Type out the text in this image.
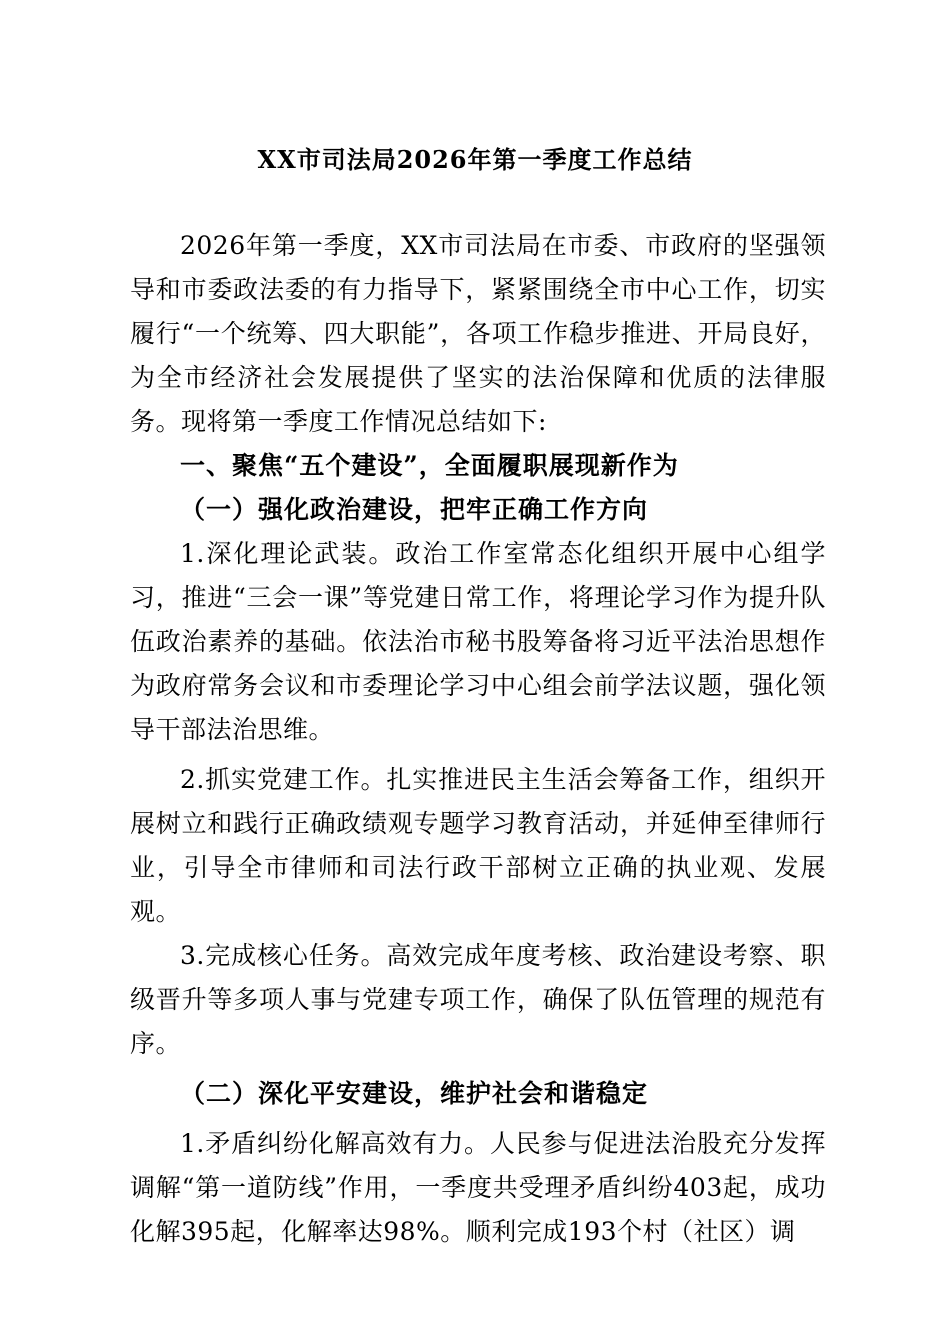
XX市司法局2026年第一季度工作总结

2026年第一季度，XX市司法局在市委、市政府的坚强领导和市委政法委的有力指导下，紧紧围绕全市中心工作，切实履行“一个统筹、四大职能”，各项工作稳步推进、开局良好，为全市经济社会发展提供了坚实的法治保障和优质的法律服务。现将第一季度工作情况总结如下:

一、聚焦“五个建设”，全面履职展现新作为

（一）强化政治建设，把牢正确工作方向

1.深化理论武装。政治工作室常态化组织开展中心组学习，推进“三会一课”等党建日常工作，将理论学习作为提升队伍政治素养的基础。依法治市秘书股筹备将习近平法治思想作为政府常务会议和市委理论学习中心组会前学法议题，强化领导干部法治思维。

2.抓实党建工作。扎实推进民主生活会筹备工作，组织开展树立和践行正确政绩观专题学习教育活动，并延伸至律师行业，引导全市律师和司法行政干部树立正确的执业观、发展观。

3.完成核心任务。高效完成年度考核、政治建设考察、职级晋升等多项人事与党建专项工作，确保了队伍管理的规范有序。

（二）深化平安建设，维护社会和谐稳定

1.矛盾纠纷化解高效有力。人民参与促进法治股充分发挥调解“第一道防线”作用，一季度共受理矛盾纠纷403起，成功化解395起，化解率达98%。顺利完成193个村（社区）调
